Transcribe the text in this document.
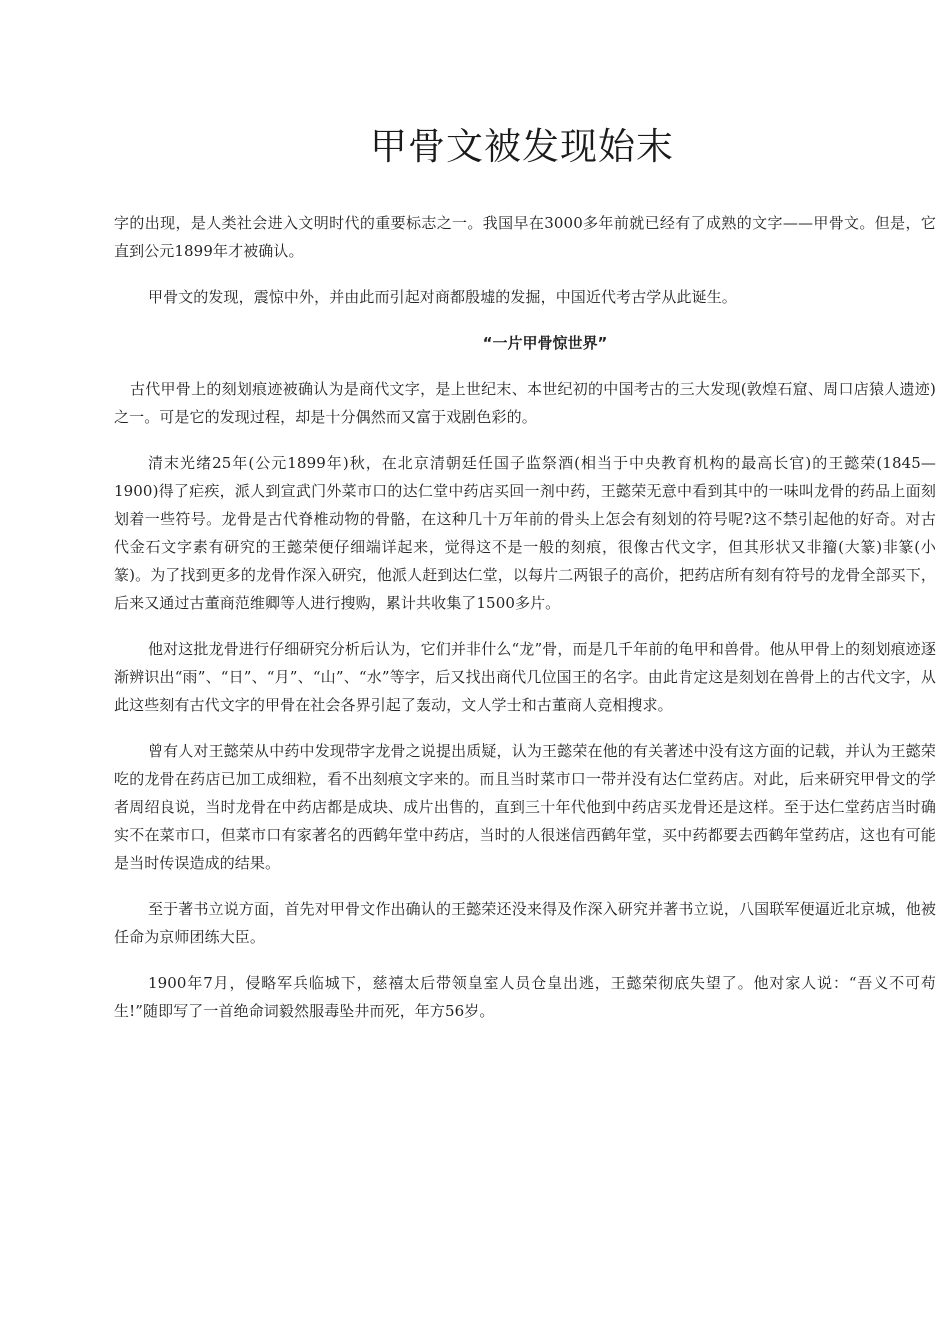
甲骨文被发现始末

字的出现，是人类社会进入文明时代的重要标志之一。我国早在3000多年前就已经有了成熟的文字——甲骨文。但是，它直到公元1899年才被确认。

甲骨文的发现，震惊中外，并由此而引起对商都殷墟的发掘，中国近代考古学从此诞生。

“一片甲骨惊世界”

古代甲骨上的刻划痕迹被确认为是商代文字，是上世纪末、本世纪初的中国考古的三大发现(敦煌石窟、周口店猿人遗迹)之一。可是它的发现过程，却是十分偶然而又富于戏剧色彩的。

清末光绪25年(公元1899年)秋，在北京清朝廷任国子监祭酒(相当于中央教育机构的最高长官)的王懿荣(1845—1900)得了疟疾，派人到宣武门外菜市口的达仁堂中药店买回一剂中药，王懿荣无意中看到其中的一味叫龙骨的药品上面刻划着一些符号。龙骨是古代脊椎动物的骨骼，在这种几十万年前的骨头上怎会有刻划的符号呢?这不禁引起他的好奇。对古代金石文字素有研究的王懿荣便仔细端详起来，觉得这不是一般的刻痕，很像古代文字，但其形状又非籀(大篆)非篆(小篆)。为了找到更多的龙骨作深入研究，他派人赶到达仁堂，以每片二两银子的高价，把药店所有刻有符号的龙骨全部买下，后来又通过古董商范维卿等人进行搜购，累计共收集了1500多片。

他对这批龙骨进行仔细研究分析后认为，它们并非什么“龙”骨，而是几千年前的龟甲和兽骨。他从甲骨上的刻划痕迹逐渐辨识出“雨”、“日”、“月”、“山”、“水”等字，后又找出商代几位国王的名字。由此肯定这是刻划在兽骨上的古代文字，从此这些刻有古代文字的甲骨在社会各界引起了轰动，文人学士和古董商人竞相搜求。

曾有人对王懿荣从中药中发现带字龙骨之说提出质疑，认为王懿荣在他的有关著述中没有这方面的记载，并认为王懿荣吃的龙骨在药店已加工成细粒，看不出刻痕文字来的。而且当时菜市口一带并没有达仁堂药店。对此，后来研究甲骨文的学者周绍良说，当时龙骨在中药店都是成块、成片出售的，直到三十年代他到中药店买龙骨还是这样。至于达仁堂药店当时确实不在菜市口，但菜市口有家著名的西鹤年堂中药店，当时的人很迷信西鹤年堂，买中药都要去西鹤年堂药店，这也有可能是当时传误造成的结果。

至于著书立说方面，首先对甲骨文作出确认的王懿荣还没来得及作深入研究并著书立说，八国联军便逼近北京城，他被任命为京师团练大臣。

1900年7月，侵略军兵临城下，慈禧太后带领皇室人员仓皇出逃，王懿荣彻底失望了。他对家人说：“吾义不可苟生!”随即写了一首绝命词毅然服毒坠井而死，年方56岁。
